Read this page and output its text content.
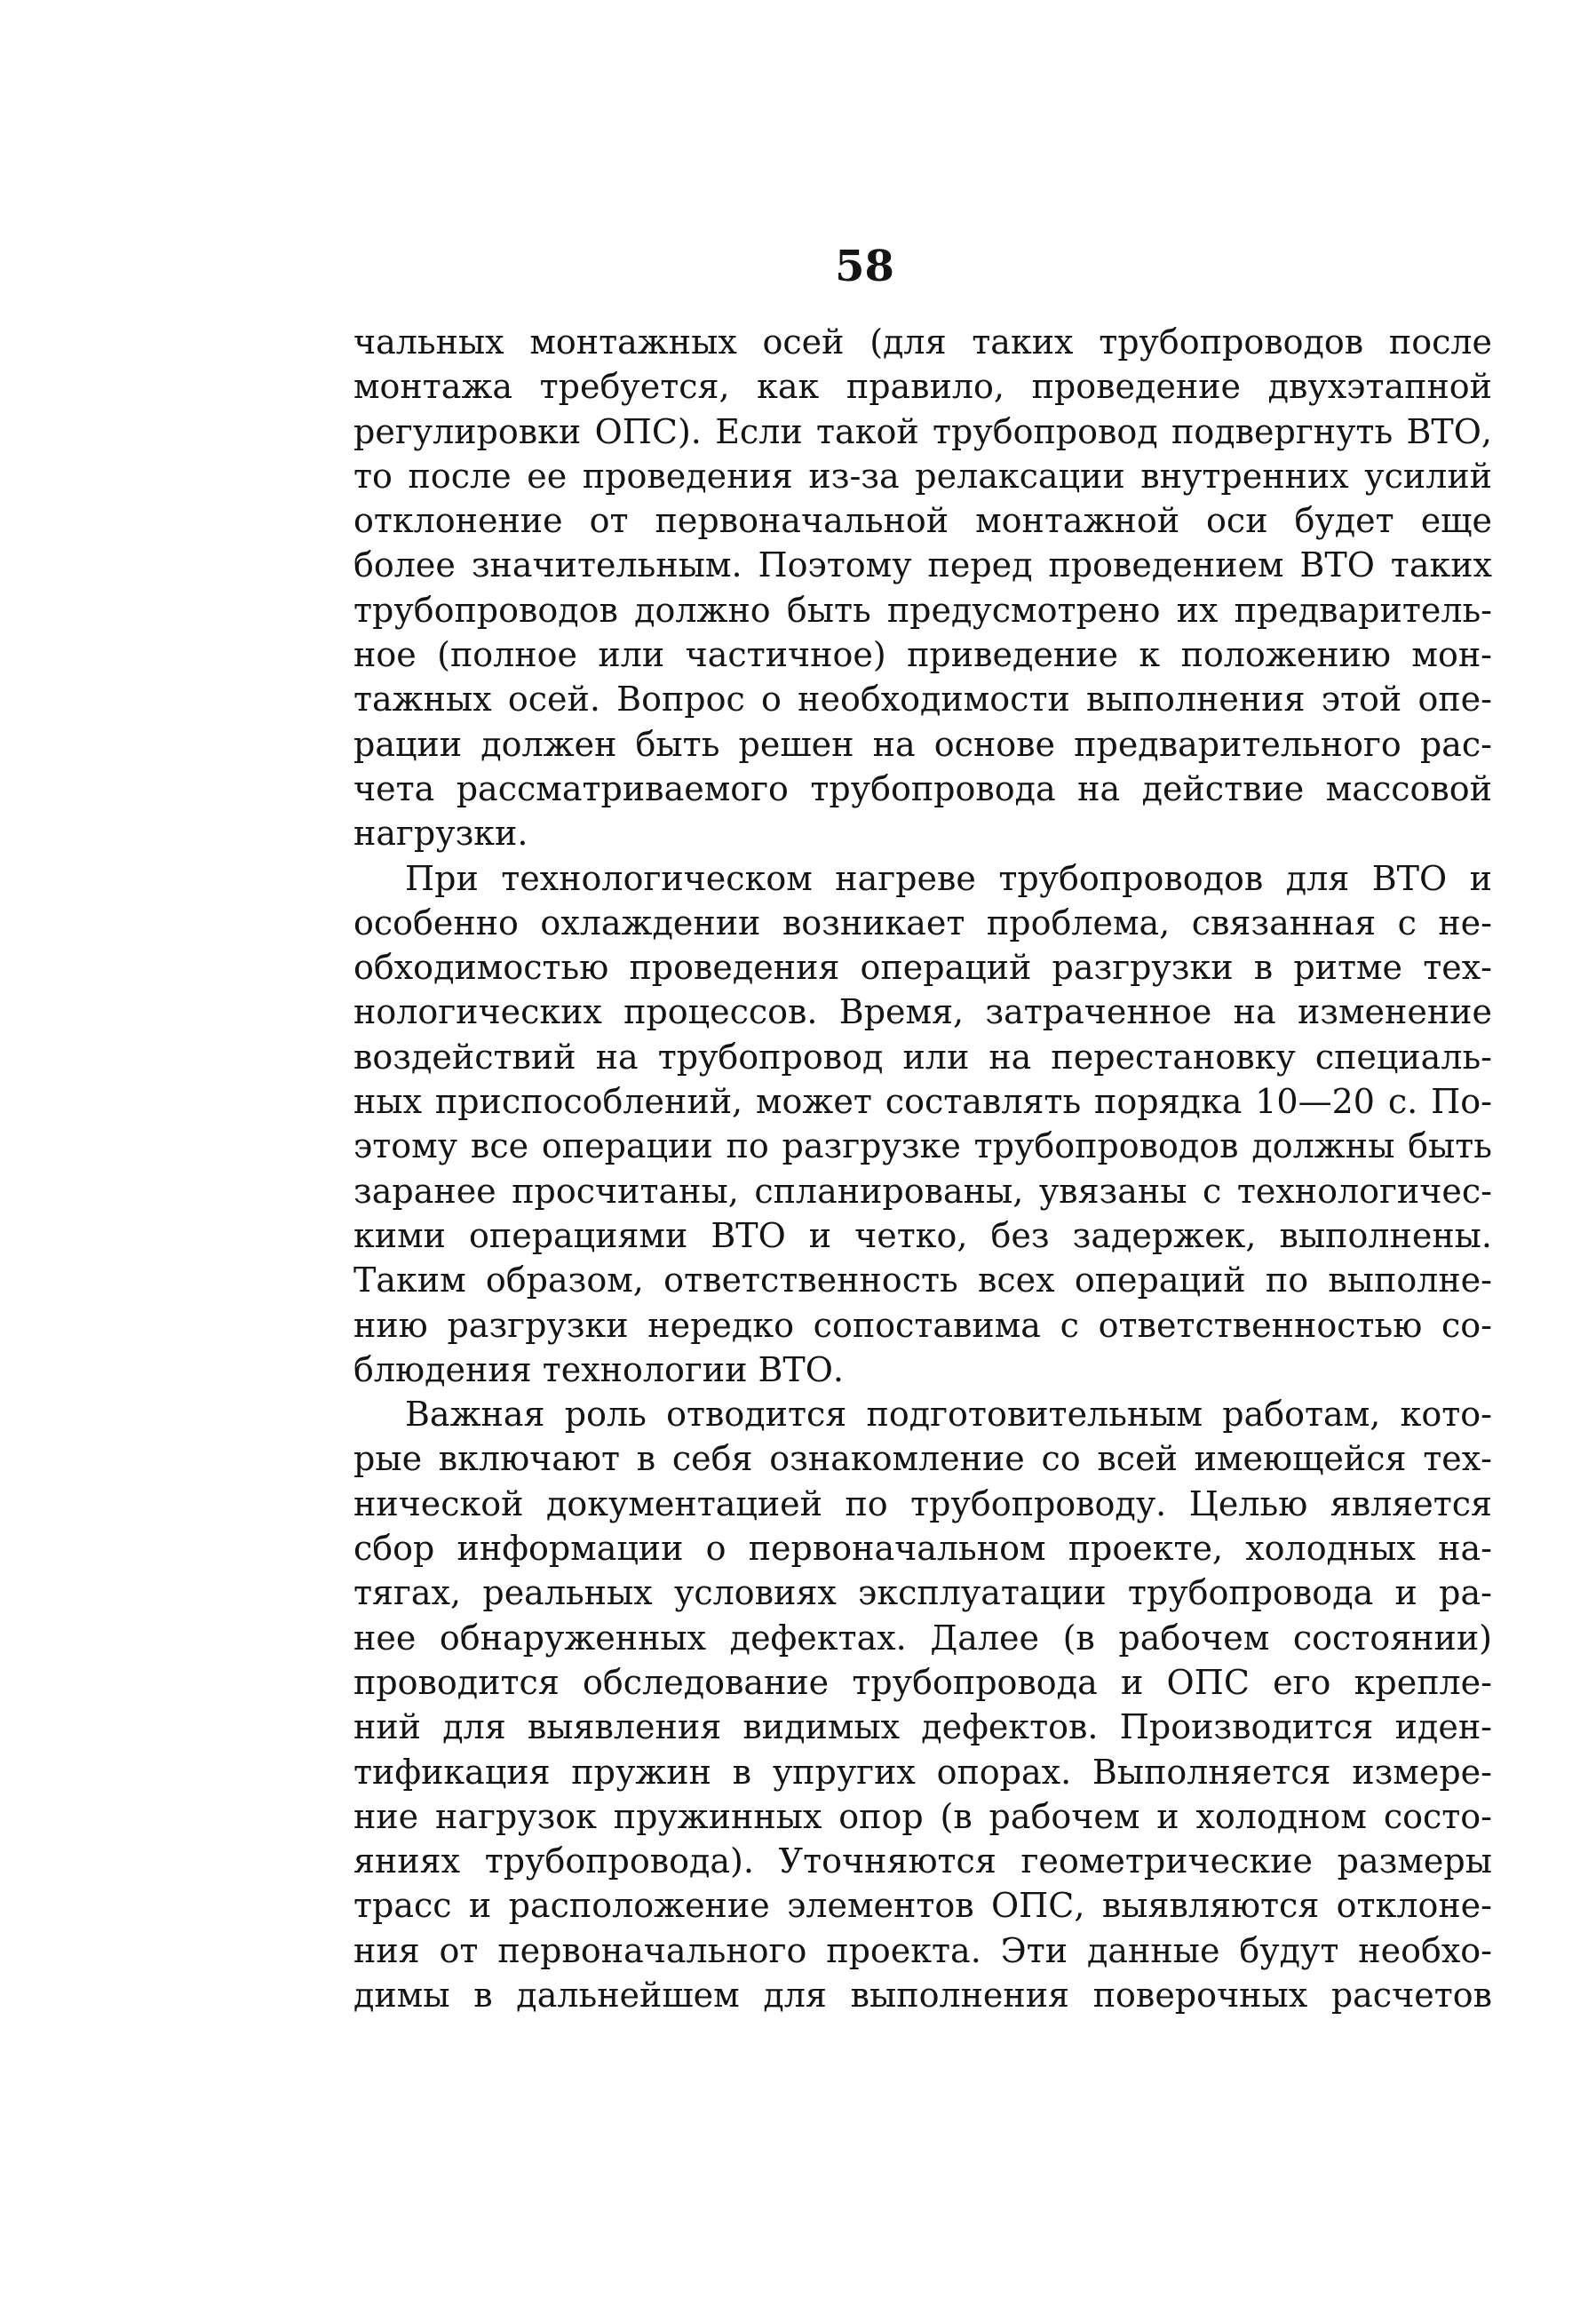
58
чальных монтажных осей (для таких трубопроводов после
монтажа требуется, как правило, проведение двухэтапной
регулировки ОПС). Если такой трубопровод подвергнуть ВТО,
то после ее проведения из-за релаксации внутренних усилий
отклонение от первоначальной монтажной оси будет еще
более значительным. Поэтому перед проведением ВТО таких
трубопроводов должно быть предусмотрено их предваритель-
ное (полное или частичное) приведение к положению мон-
тажных осей. Вопрос о необходимости выполнения этой опе-
рации должен быть решен на основе предварительного рас-
чета рассматриваемого трубопровода на действие массовой
нагрузки.
При технологическом нагреве трубопроводов для ВТО и
особенно охлаждении возникает проблема, связанная с не-
обходимостью проведения операций разгрузки в ритме тех-
нологических процессов. Время, затраченное на изменение
воздействий на трубопровод или на перестановку специаль-
ных приспособлений, может составлять порядка 10—20 с. По-
этому все операции по разгрузке трубопроводов должны быть
заранее просчитаны, спланированы, увязаны с технологичес-
кими операциями ВТО и четко, без задержек, выполнены.
Таким образом, ответственность всех операций по выполне-
нию разгрузки нередко сопоставима с ответственностью со-
блюдения технологии ВТО.
Важная роль отводится подготовительным работам, кото-
рые включают в себя ознакомление со всей имеющейся тех-
нической документацией по трубопроводу. Целью является
сбор информации о первоначальном проекте, холодных на-
тягах, реальных условиях эксплуатации трубопровода и ра-
нее обнаруженных дефектах. Далее (в рабочем состоянии)
проводится обследование трубопровода и ОПС его крепле-
ний для выявления видимых дефектов. Производится иден-
тификация пружин в упругих опорах. Выполняется измере-
ние нагрузок пружинных опор (в рабочем и холодном состо-
яниях трубопровода). Уточняются геометрические размеры
трасс и расположение элементов ОПС, выявляются отклоне-
ния от первоначального проекта. Эти данные будут необхо-
димы в дальнейшем для выполнения поверочных расчетов
